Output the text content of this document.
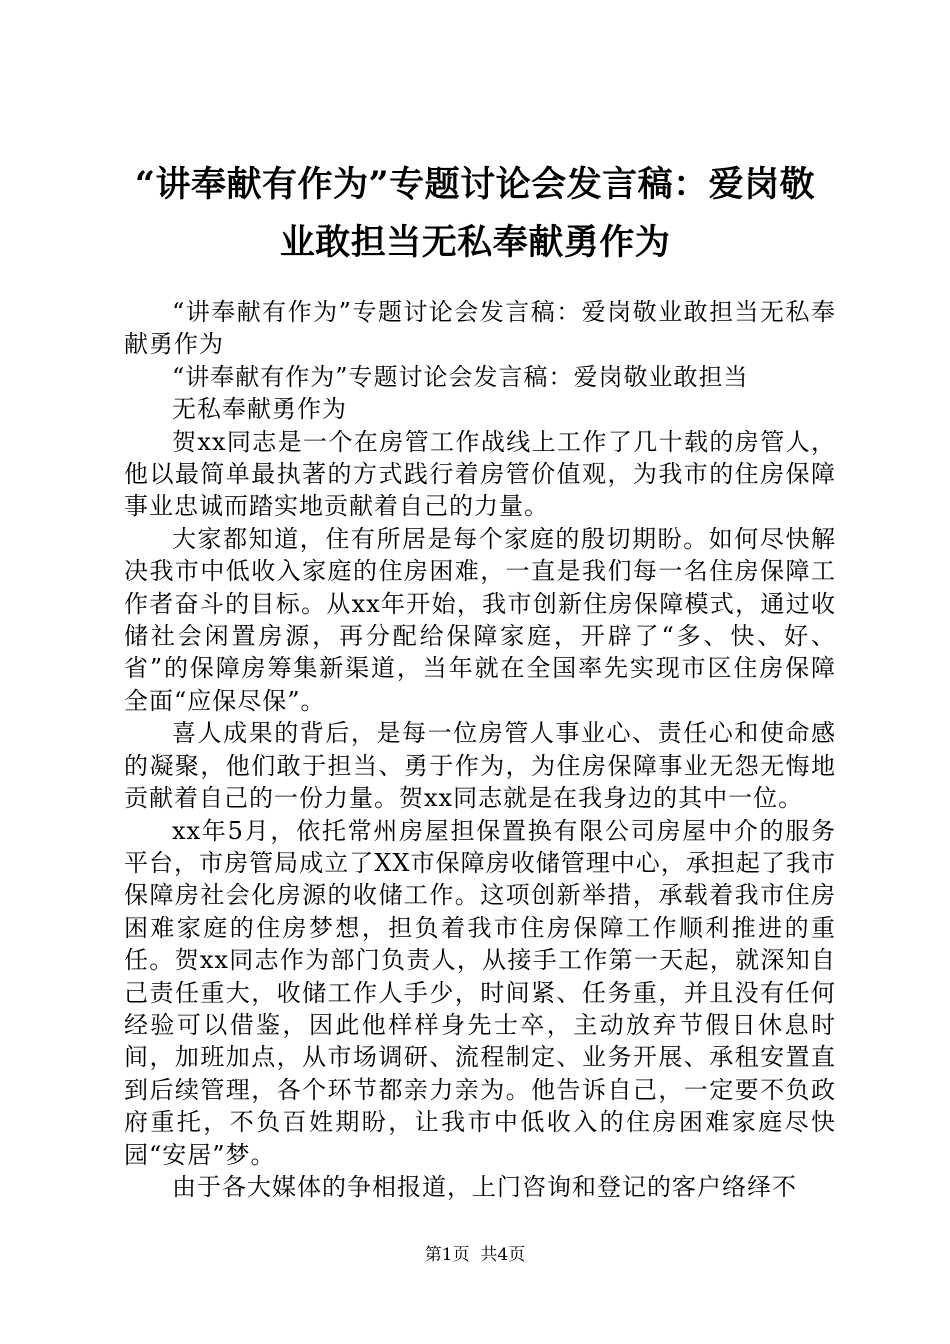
“讲奉献有作为”专题讨论会发言稿：爱岗敬
业敢担当无私奉献勇作为

“讲奉献有作为”专题讨论会发言稿：爱岗敬业敢担当无私奉献勇作为

“讲奉献有作为”专题讨论会发言稿：爱岗敬业敢担当

无私奉献勇作为

贺xx同志是一个在房管工作战线上工作了几十载的房管人，他以最简单最执著的方式践行着房管价值观，为我市的住房保障事业忠诚而踏实地贡献着自己的力量。

大家都知道，住有所居是每个家庭的殷切期盼。如何尽快解决我市中低收入家庭的住房困难，一直是我们每一名住房保障工作者奋斗的目标。从xx年开始，我市创新住房保障模式，通过收储社会闲置房源，再分配给保障家庭，开辟了“多、快、好、省”的保障房筹集新渠道，当年就在全国率先实现市区住房保障全面“应保尽保”。

喜人成果的背后，是每一位房管人事业心、责任心和使命感的凝聚，他们敢于担当、勇于作为，为住房保障事业无怨无悔地贡献着自己的一份力量。贺xx同志就是在我身边的其中一位。

xx年5月，依托常州房屋担保置换有限公司房屋中介的服务平台，市房管局成立了XX市保障房收储管理中心，承担起了我市保障房社会化房源的收储工作。这项创新举措，承载着我市住房困难家庭的住房梦想，担负着我市住房保障工作顺利推进的重任。贺xx同志作为部门负责人，从接手工作第一天起，就深知自己责任重大，收储工作人手少，时间紧、任务重，并且没有任何经验可以借鉴，因此他样样身先士卒，主动放弃节假日休息时间，加班加点，从市场调研、流程制定、业务开展、承租安置直到后续管理，各个环节都亲力亲为。他告诉自己，一定要不负政府重托，不负百姓期盼，让我市中低收入的住房困难家庭尽快园“安居”梦。

由于各大媒体的争相报道，上门咨询和登记的客户络绎不

第1页  共4页
